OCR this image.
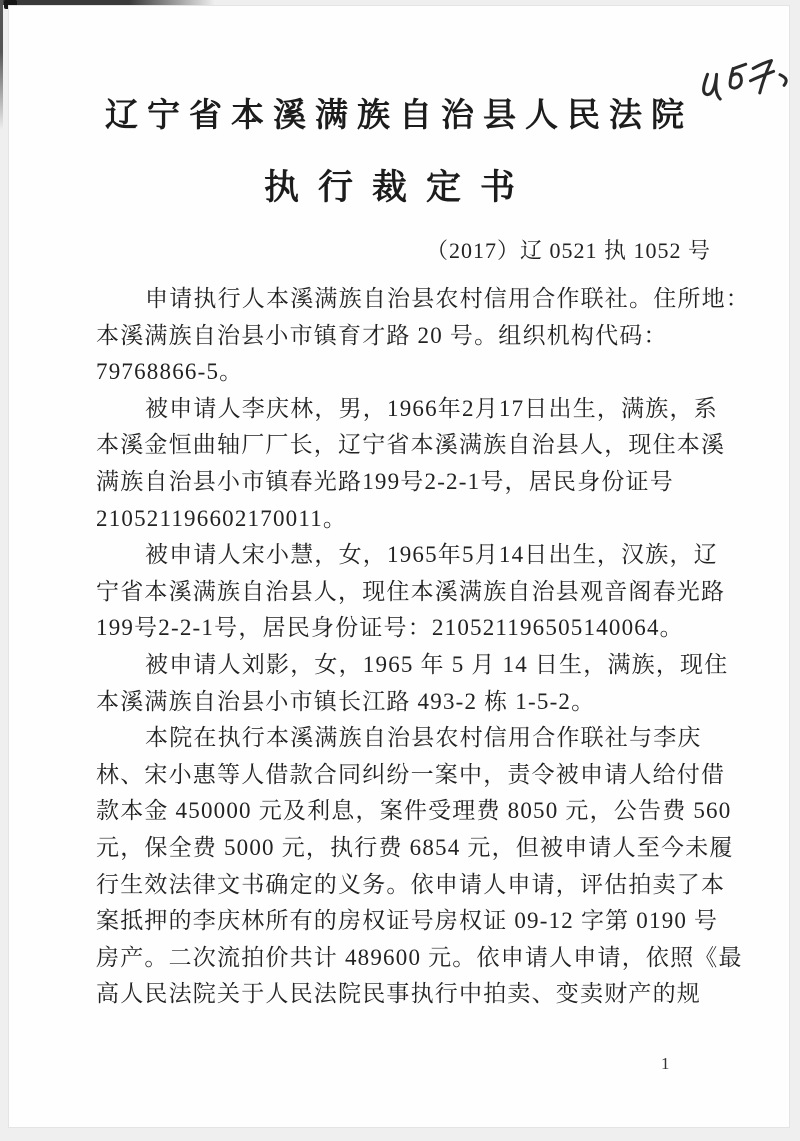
辽宁省本溪满族自治县人民法院
执行裁定书
（2017）辽 0521 执 1052 号
申请执行人本溪满族自治县农村信用合作联社。住所地：
本溪满族自治县小市镇育才路 20 号。组织机构代码：
79768866-5。
被申请人李庆林，男，1966年2月17日出生，满族，系
本溪金恒曲轴厂厂长，辽宁省本溪满族自治县人，现住本溪
满族自治县小市镇春光路199号2-2-1号，居民身份证号
210521196602170011。
被申请人宋小慧，女，1965年5月14日出生，汉族，辽
宁省本溪满族自治县人，现住本溪满族自治县观音阁春光路
199号2-2-1号，居民身份证号：210521196505140064。
被申请人刘影，女，1965 年 5 月 14 日生，满族，现住
本溪满族自治县小市镇长江路 493-2 栋 1-5-2。
本院在执行本溪满族自治县农村信用合作联社与李庆
林、宋小惠等人借款合同纠纷一案中，责令被申请人给付借
款本金 450000 元及利息，案件受理费 8050 元，公告费 560
元，保全费 5000 元，执行费 6854 元，但被申请人至今未履
行生效法律文书确定的义务。依申请人申请，评估拍卖了本
案抵押的李庆林所有的房权证号房权证 09-12 字第 0190 号
房产。二次流拍价共计 489600 元。依申请人申请，依照《最
高人民法院关于人民法院民事执行中拍卖、变卖财产的规
1
